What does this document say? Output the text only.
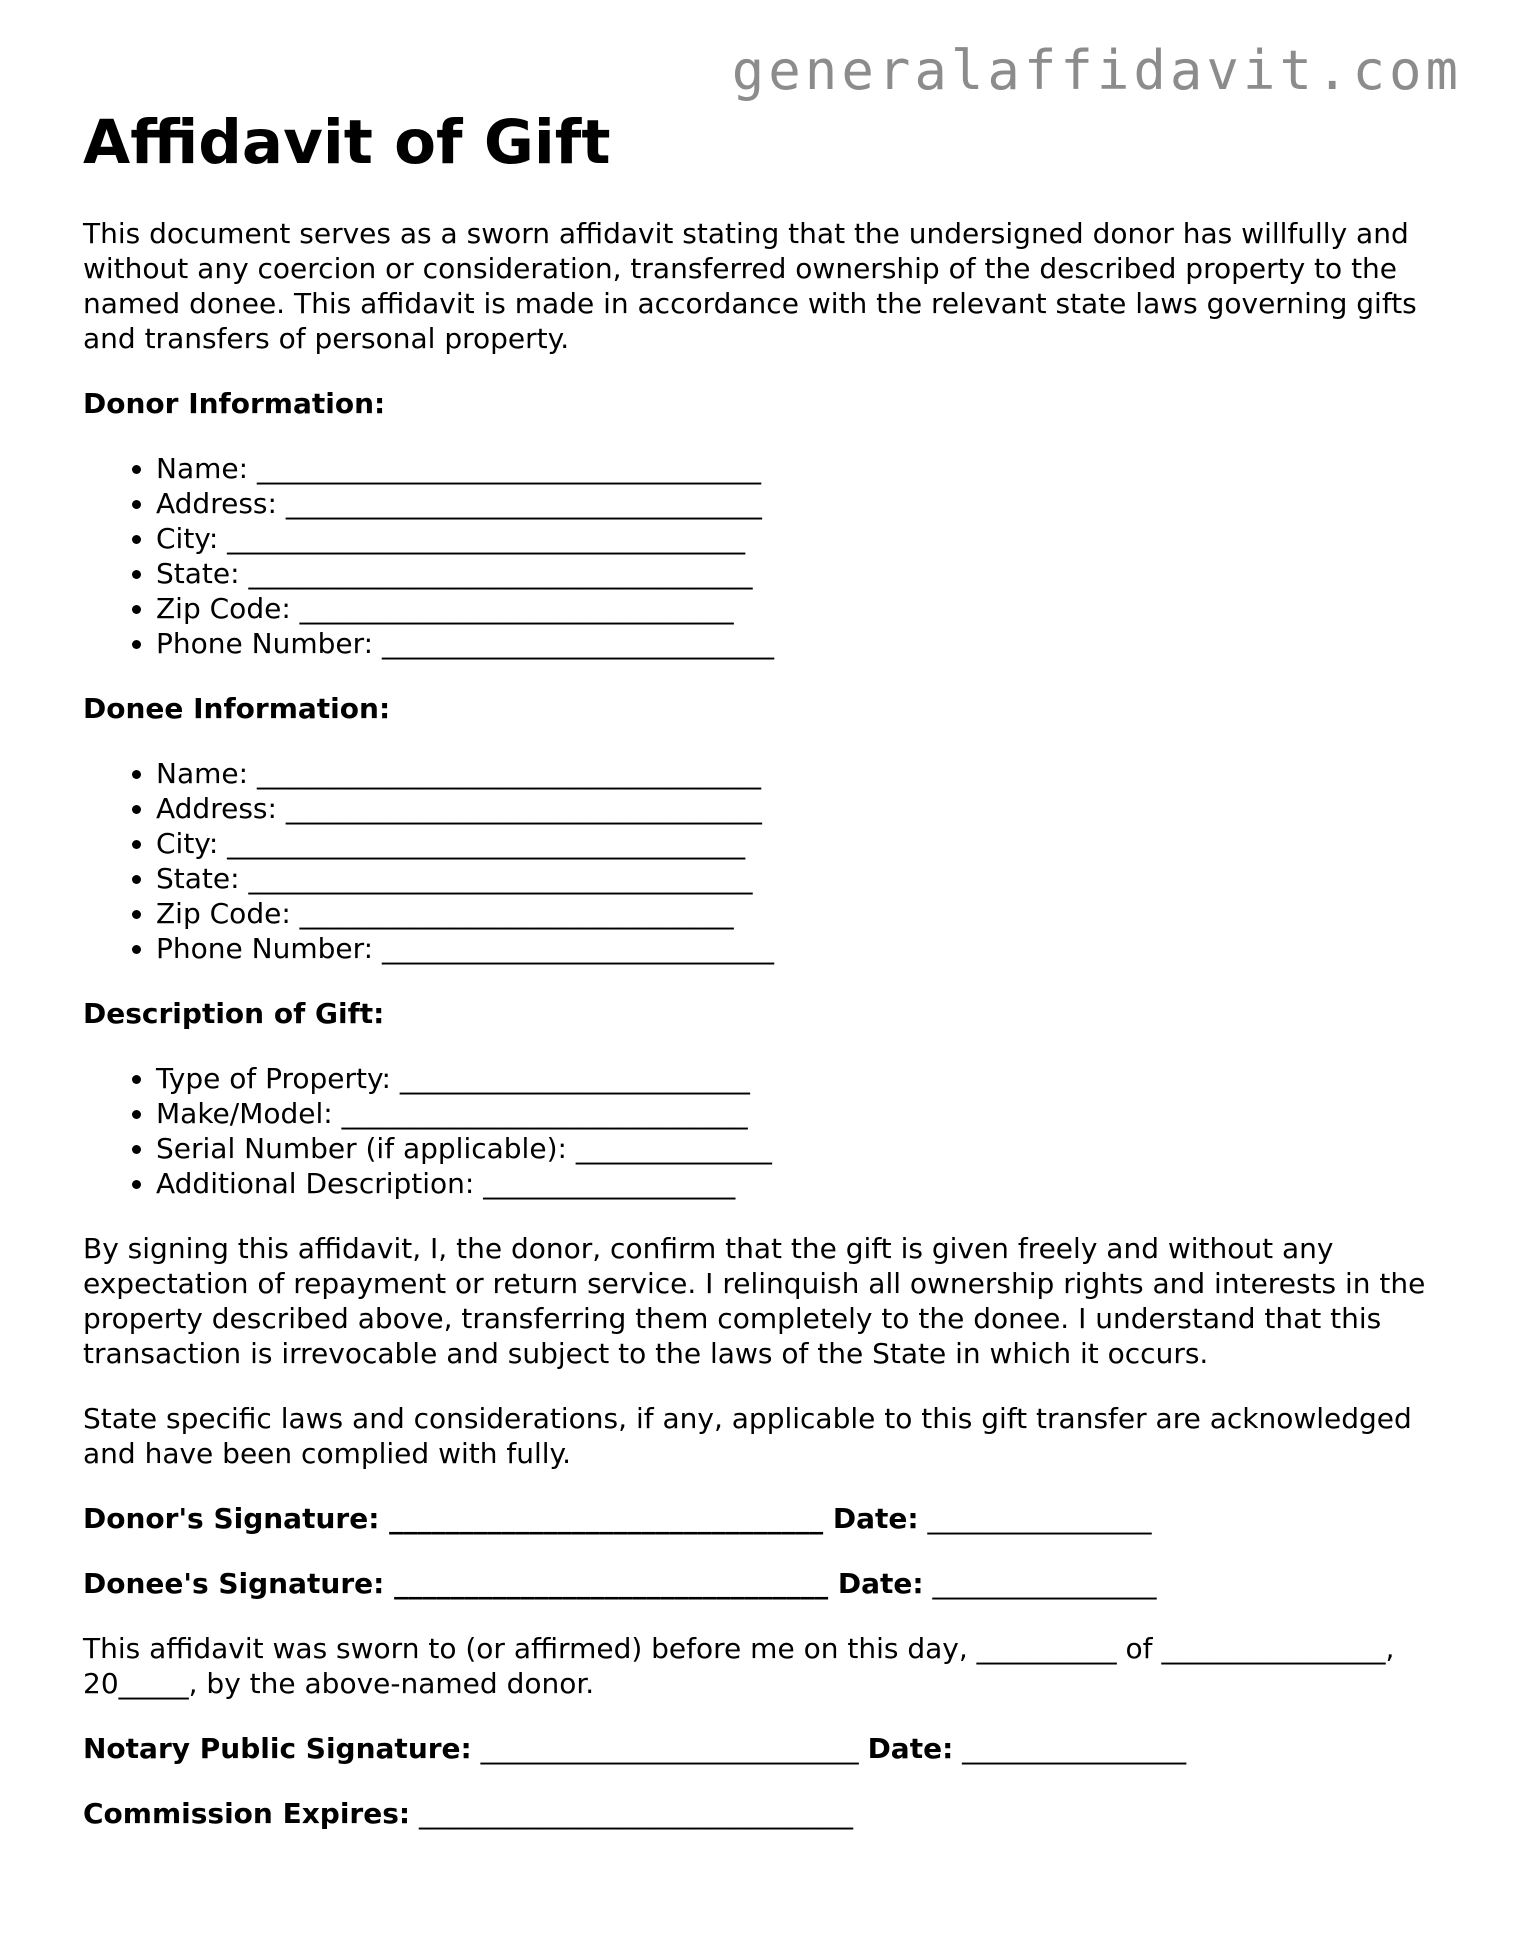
generalaffidavit.com
Affidavit of Gift

This document serves as a sworn affidavit stating that the undersigned donor has willfully and without any coercion or consideration, transferred ownership of the described property to the named donee. This affidavit is made in accordance with the relevant state laws governing gifts and transfers of personal property.

Donor Information:
• Name: ____________________________________
• Address: __________________________________
• City: _____________________________________
• State: ____________________________________
• Zip Code: _______________________________
• Phone Number: ____________________________
Donee Information:
• Name: ____________________________________
• Address: __________________________________
• City: _____________________________________
• State: ____________________________________
• Zip Code: _______________________________
• Phone Number: ____________________________
Description of Gift:
• Type of Property: _________________________
• Make/Model: _____________________________
• Serial Number (if applicable): ______________
• Additional Description: __________________

By signing this affidavit, I, the donor, confirm that the gift is given freely and without any expectation of repayment or return service. I relinquish all ownership rights and interests in the property described above, transferring them completely to the donee. I understand that this transaction is irrevocable and subject to the laws of the State in which it occurs.

State specific laws and considerations, if any, applicable to this gift transfer are acknowledged and have been complied with fully.

Donor's Signature: _______________________________ Date: ________________
Donee's Signature: _______________________________ Date: ________________

This affidavit was sworn to (or affirmed) before me on this day, __________ of ________________, 20_____, by the above-named donor.

Notary Public Signature: ___________________________ Date: ________________
Commission Expires: _______________________________
